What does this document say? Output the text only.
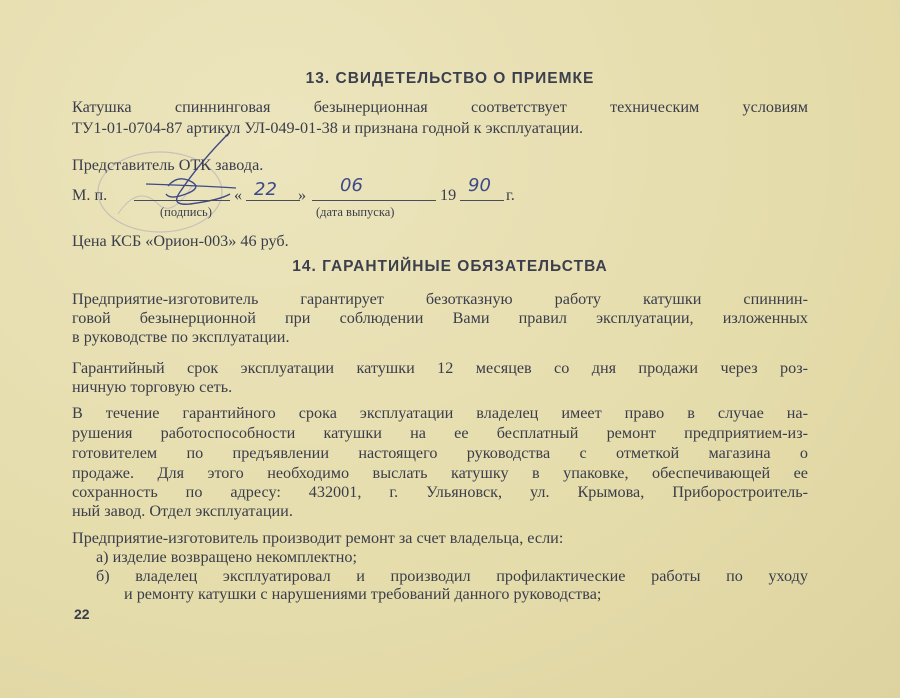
13. СВИДЕТЕЛЬСТВО О ПРИЕМКЕ
Катушка спиннинговая безынерционная соответствует техническим условиям
ТУ1-01-0704-87 артикул УЛ-049-01-38 и признана годной к эксплуатации.
Представитель ОТК завода.
М. п.	« 22 »	06	19 90 г.
(подпись)	(дата выпуска)
Цена КСБ «Орион-003» 46 руб.
14. ГАРАНТИЙНЫЕ ОБЯЗАТЕЛЬСТВА
Предприятие-изготовитель гарантирует безотказную работу катушки спиннин-
говой безынерционной при соблюдении Вами правил эксплуатации, изложенных
в руководстве по эксплуатации.
Гарантийный срок эксплуатации катушки 12 месяцев со дня продажи через роз-
ничную торговую сеть.
В течение гарантийного срока эксплуатации владелец имеет право в случае на-
рушения работоспособности катушки на ее бесплатный ремонт предприятием-из-
готовителем по предъявлении настоящего руководства с отметкой магазина о
продаже. Для этого необходимо выслать катушку в упаковке, обеспечивающей ее
сохранность по адресу: 432001, г. Ульяновск, ул. Крымова, Приборостроитель-
ный завод. Отдел эксплуатации.
Предприятие-изготовитель производит ремонт за счет владельца, если:
а) изделие возвращено некомплектно;
б) владелец эксплуатировал и производил профилактические работы по уходу
и ремонту катушки с нарушениями требований данного руководства;
22
